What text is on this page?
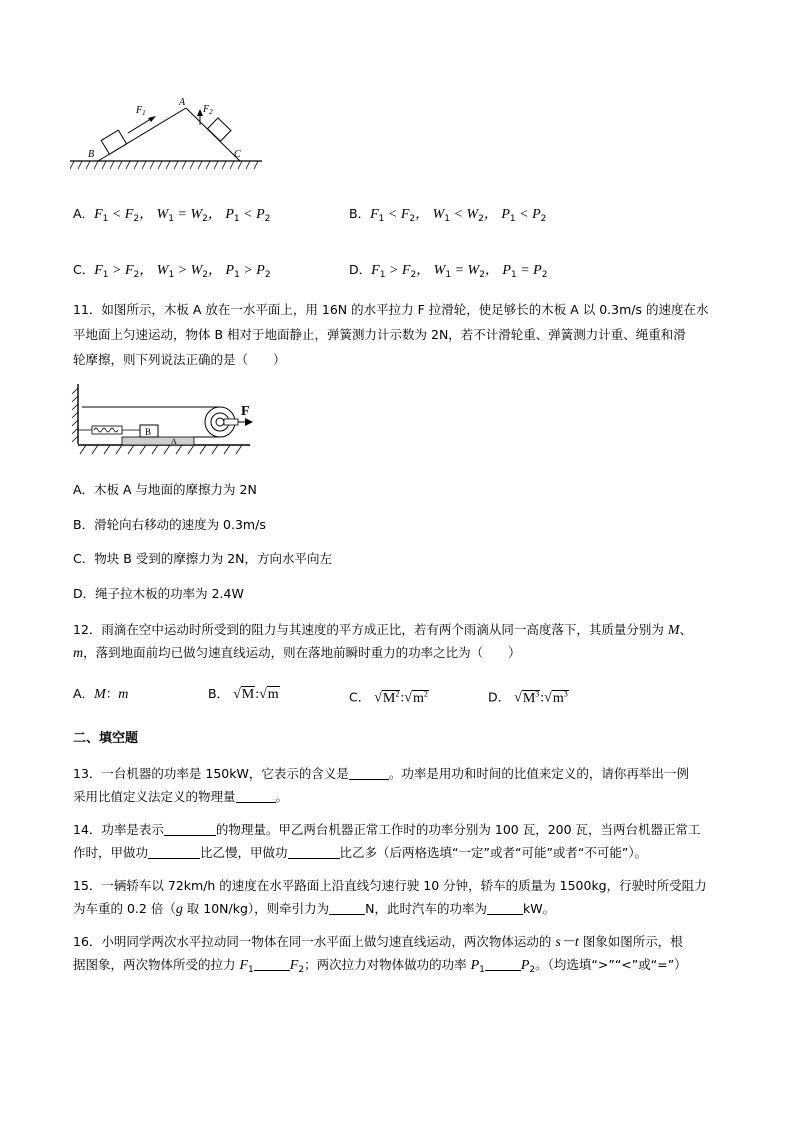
$F_1$	$F_2$
A
B	C
A．$F_1 < F_2$， $W_1 = W_2$， $P_1 < P_2$	B．$F_1 < F_2$， $W_1 < W_2$， $P_1 < P_2$
C．$F_1 > F_2$， $W_1 > W_2$， $P_1 > P_2$	D．$F_1 > F_2$， $W_1 = W_2$， $P_1 = P_2$
11．如图所示，木板 A 放在一水平面上，用 16N 的水平拉力 F 拉滑轮，使足够长的木板 A 以 0.3m/s 的速度在水
平地面上匀速运动，物体 B 相对于地面静止，弹簧测力计示数为 2N，若不计滑轮重、弹簧测力计重、绳重和滑
轮摩擦，则下列说法正确的是（　　）
A
B
F
A．木板 A 与地面的摩擦力为 2N
B．滑轮向右移动的速度为 0.3m/s
C．物块 B 受到的摩擦力为 2N，方向水平向左
D．绳子拉木板的功率为 2.4W
12．雨滴在空中运动时所受到的阻力与其速度的平方成正比，若有两个雨滴从同一高度落下，其质量分别为 M、
m，落到地面前均已做匀速直线运动，则在落地前瞬时重力的功率之比为（　　）
A．M：m	B． √M:√m	C． $√M^2:√m^2$	D． $√M^3:√m^3$
二、填空题
13．一台机器的功率是 150kW，它表示的含义是	。功率是用功和时间的比值来定义的，请你再举出一例
采用比值定义法定义的物理量	。
14．功率是表示	的物理量。甲乙两台机器正常工作时的功率分别为 100 瓦，200 瓦，当两台机器正常工
作时，甲做功	比乙慢，甲做功	比乙多（后两格选填“一定”或者“可能”或者“不可能”）。
15．一辆轿车以 72km/h 的速度在水平路面上沿直线匀速行驶 10 分钟，轿车的质量为 1500kg，行驶时所受阻力
为车重的 0.2 倍（g 取 10N/kg），则牵引力为	N，此时汽车的功率为	kW。
16．小明同学两次水平拉动同一物体在同一水平面上做匀速直线运动，两次物体运动的 s－t 图象如图所示，根
据图象，两次物体所受的拉力 $F_1$	$F_2$；两次拉力对物体做功的功率 $P_1$	$P_2$。（均选填“>”“<”或“=”）
